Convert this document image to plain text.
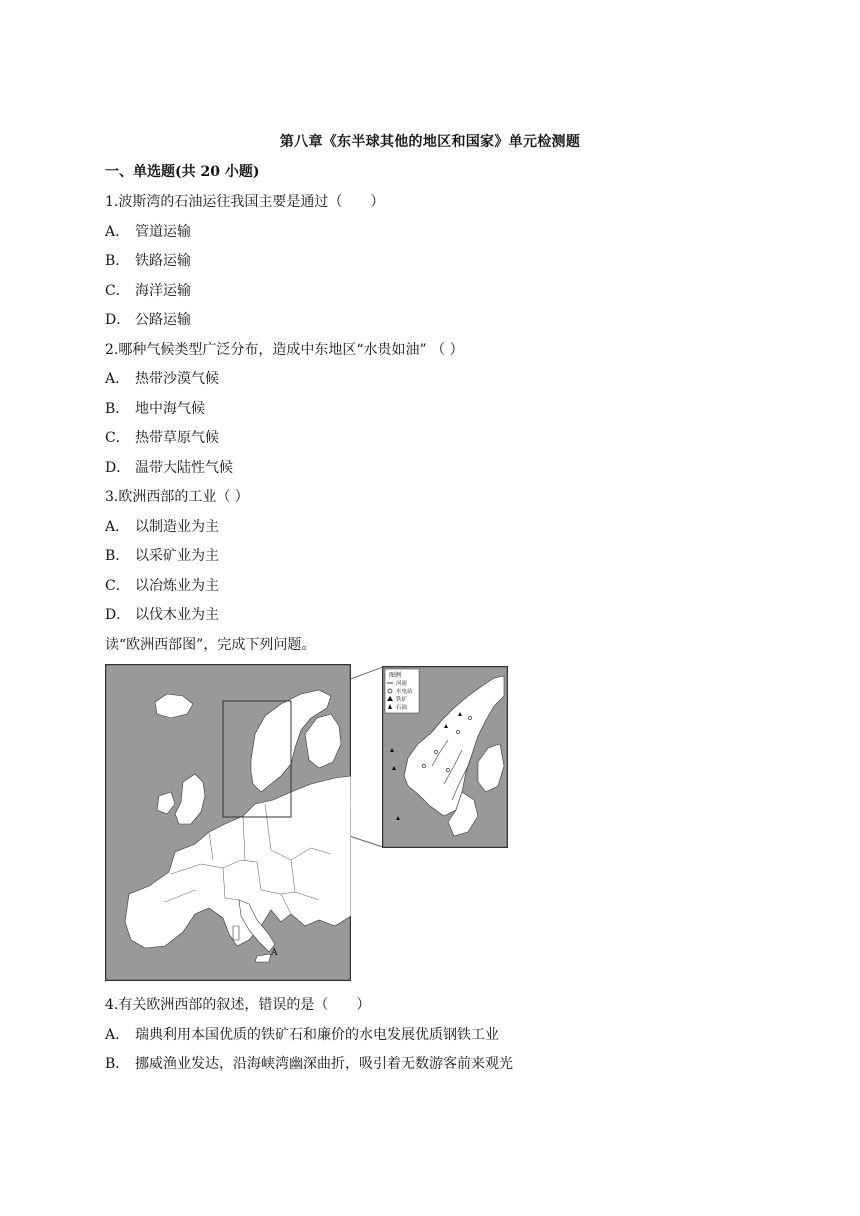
第八章《东半球其他的地区和国家》单元检测题
一、单选题(共 20 小题)
1.波斯湾的石油运往我国主要是通过（　　）
A． 管道运输
B． 铁路运输
C． 海洋运输
D． 公路运输
2.哪种气候类型广泛分布，造成中东地区“水贵如油” （ ）
A． 热带沙漠气候
B． 地中海气候
C． 热带草原气候
D． 温带大陆性气候
3.欧洲西部的工业（ ）
A． 以制造业为主
B． 以采矿业为主
C． 以冶炼业为主
D． 以伐木业为主
读“欧洲西部图”，完成下列问题。
A
图例
河流
水电站
铁矿
石油
4.有关欧洲西部的叙述，错误的是（　　）
A． 瑞典利用本国优质的铁矿石和廉价的水电发展优质钢铁工业
B． 挪威渔业发达，沿海峡湾幽深曲折，吸引着无数游客前来观光
